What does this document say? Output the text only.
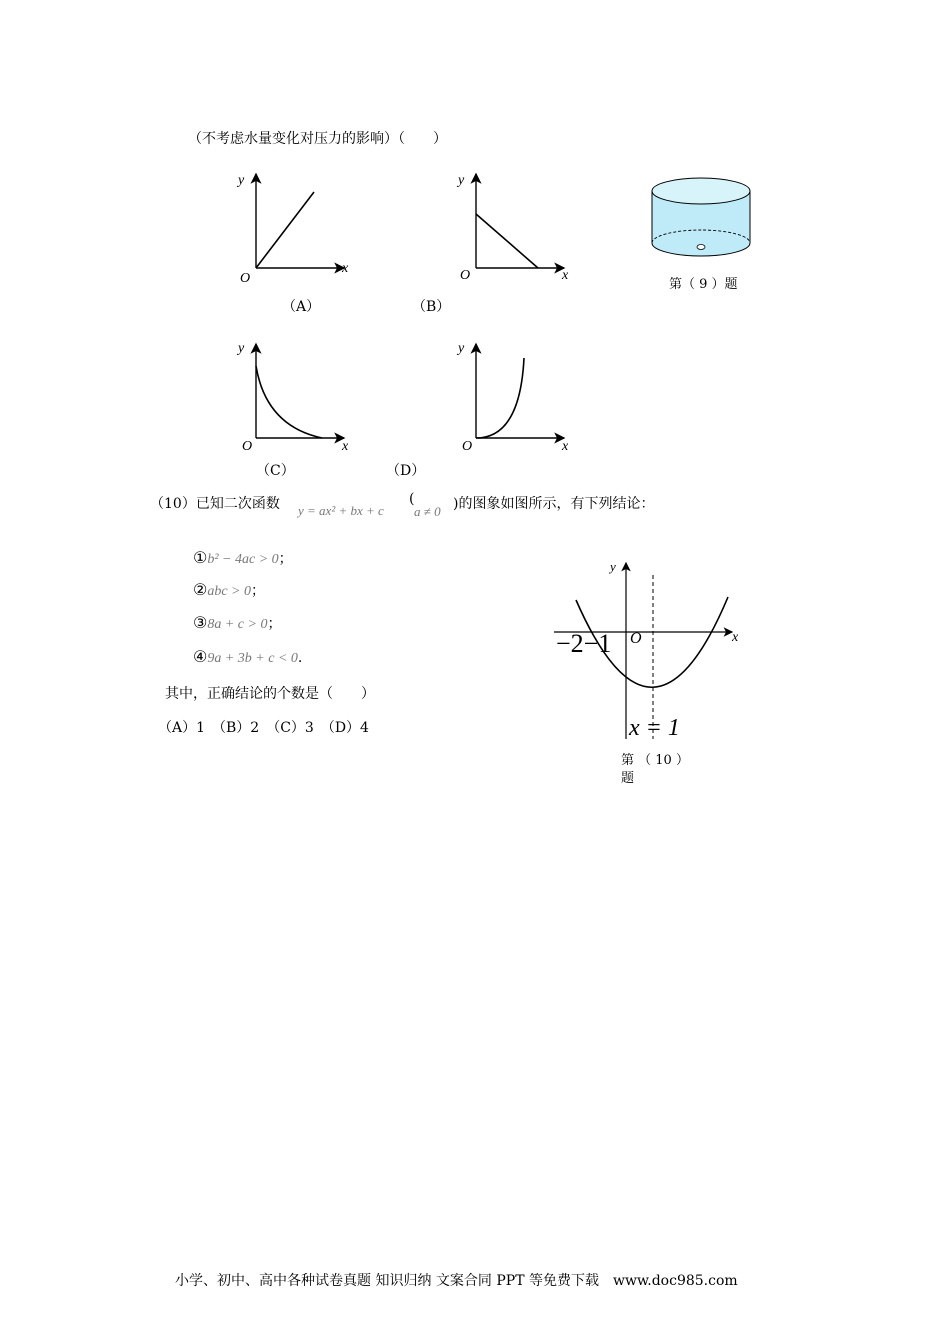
（不考虑水量变化对压力的影响）（　　）
y
x
O
（A）
y
x
O
（B）
第（ 9 ）题
y
x
O
（C）
y
x
O
（D）
（10）已知二次函数 y = ax² + bx + c
(
a ≠ 0 )的图象如图所示，有下列结论：
①b² − 4ac > 0；
②abc > 0；
③8a + c > 0；
④9a + 3b + c < 0.
其中，正确结论的个数是（　　）
（A）1　（B）2　（C）3　（D）4
y
x
O
−2−1
x = 1
第 （ 10 ）
题
小学、初中、高中各种试卷真题 知识归纳 文案合同 PPT 等免费下载　www.doc985.com
